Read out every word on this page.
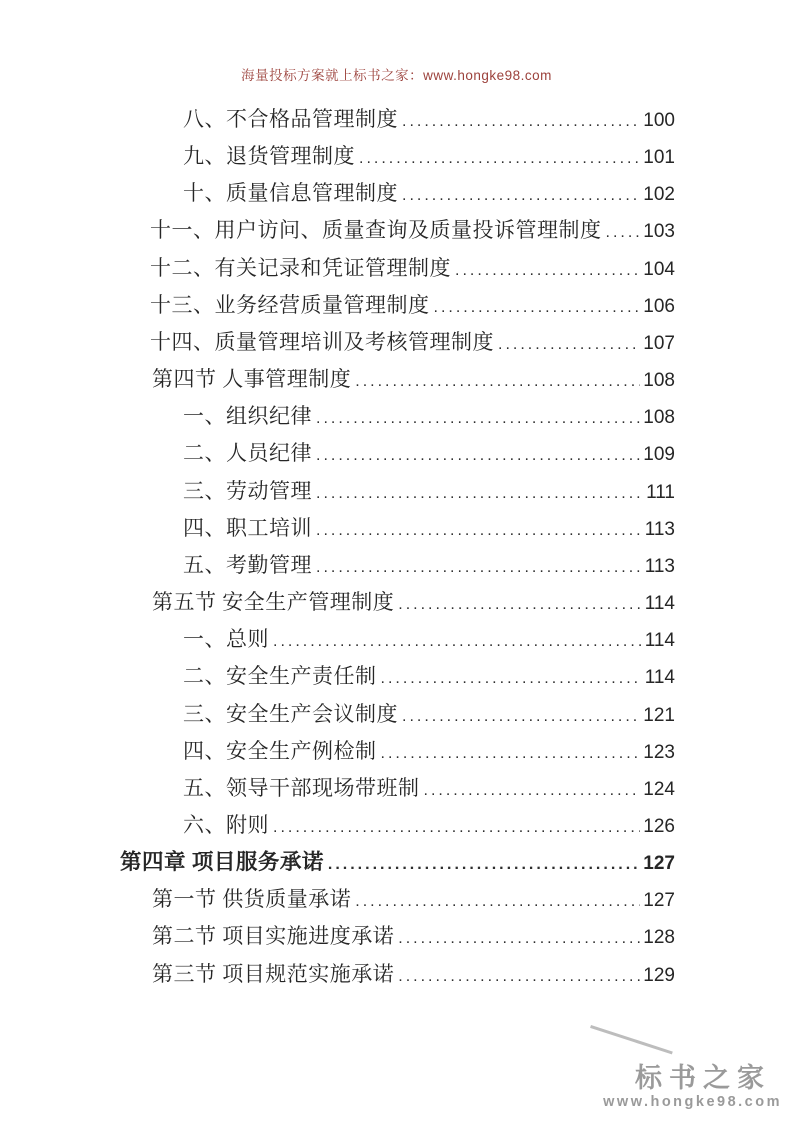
海量投标方案就上标书之家：www.hongke98.com
八、不合格品管理制度 .....	100
九、退货管理制度 .....	101
十、质量信息管理制度 .....	102
十一、用户访问、质量查询及质量投诉管理制度 ..... 103
十二、有关记录和凭证管理制度 .....	104
十三、业务经营质量管理制度 .....	106
十四、质量管理培训及考核管理制度 .....	107
第四节 人事管理制度 .....	108
一、组织纪律 .....	108
二、人员纪律 .....	109
三、劳动管理 .....	111
四、职工培训 .....	113
五、考勤管理 .....	113
第五节 安全生产管理制度 .....	114
一、总则 .....	114
二、安全生产责任制 .....	114
三、安全生产会议制度 .....	121
四、安全生产例检制 .....	123
五、领导干部现场带班制 .....	124
六、附则 .....	126
第四章 项目服务承诺 .....	127
第一节 供货质量承诺 .....	127
第二节 项目实施进度承诺 .....	128
第三节 项目规范实施承诺 .....	129
标书之家
www.hongke98.com
